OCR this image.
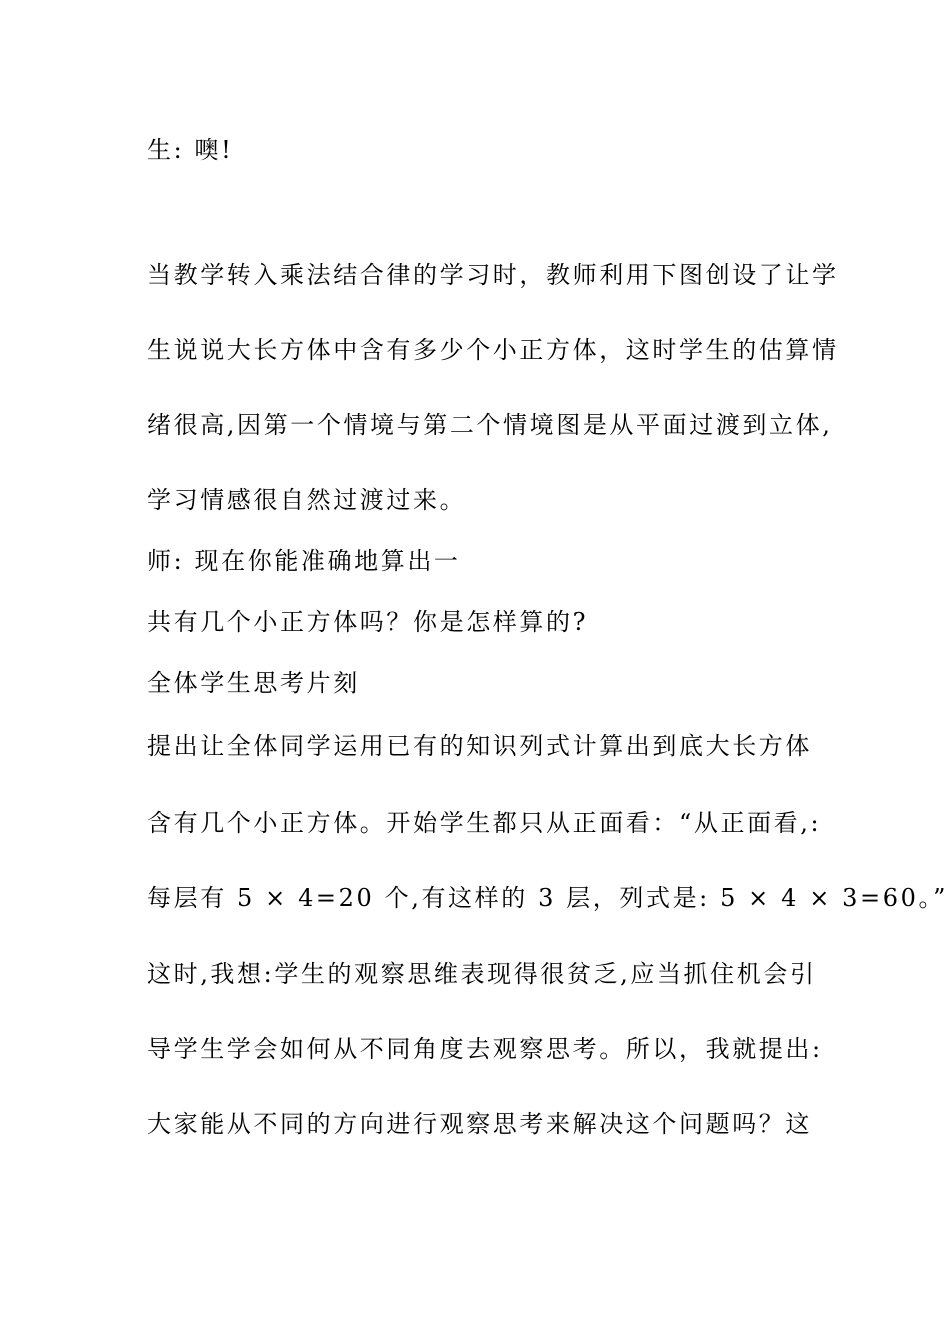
生: 噢!

当教学转入乘法结合律的学习时，教师利用下图创设了让学

生说说大长方体中含有多少个小正方体，这时学生的估算情

绪很高,因第一个情境与第二个情境图是从平面过渡到立体,

学习情感很自然过渡过来。

师: 现在你能准确地算出一

共有几个小正方体吗？你是怎样算的?

全体学生思考片刻

提出让全体同学运用已有的知识列式计算出到底大长方体

含有几个小正方体。开始学生都只从正面看：“从正面看,:

每层有 5 × 4=20 个,有这样的 3 层，列式是: 5 × 4 × 3=60。”

这时,我想:学生的观察思维表现得很贫乏,应当抓住机会引

导学生学会如何从不同角度去观察思考。所以，我就提出:

大家能从不同的方向进行观察思考来解决这个问题吗？这
